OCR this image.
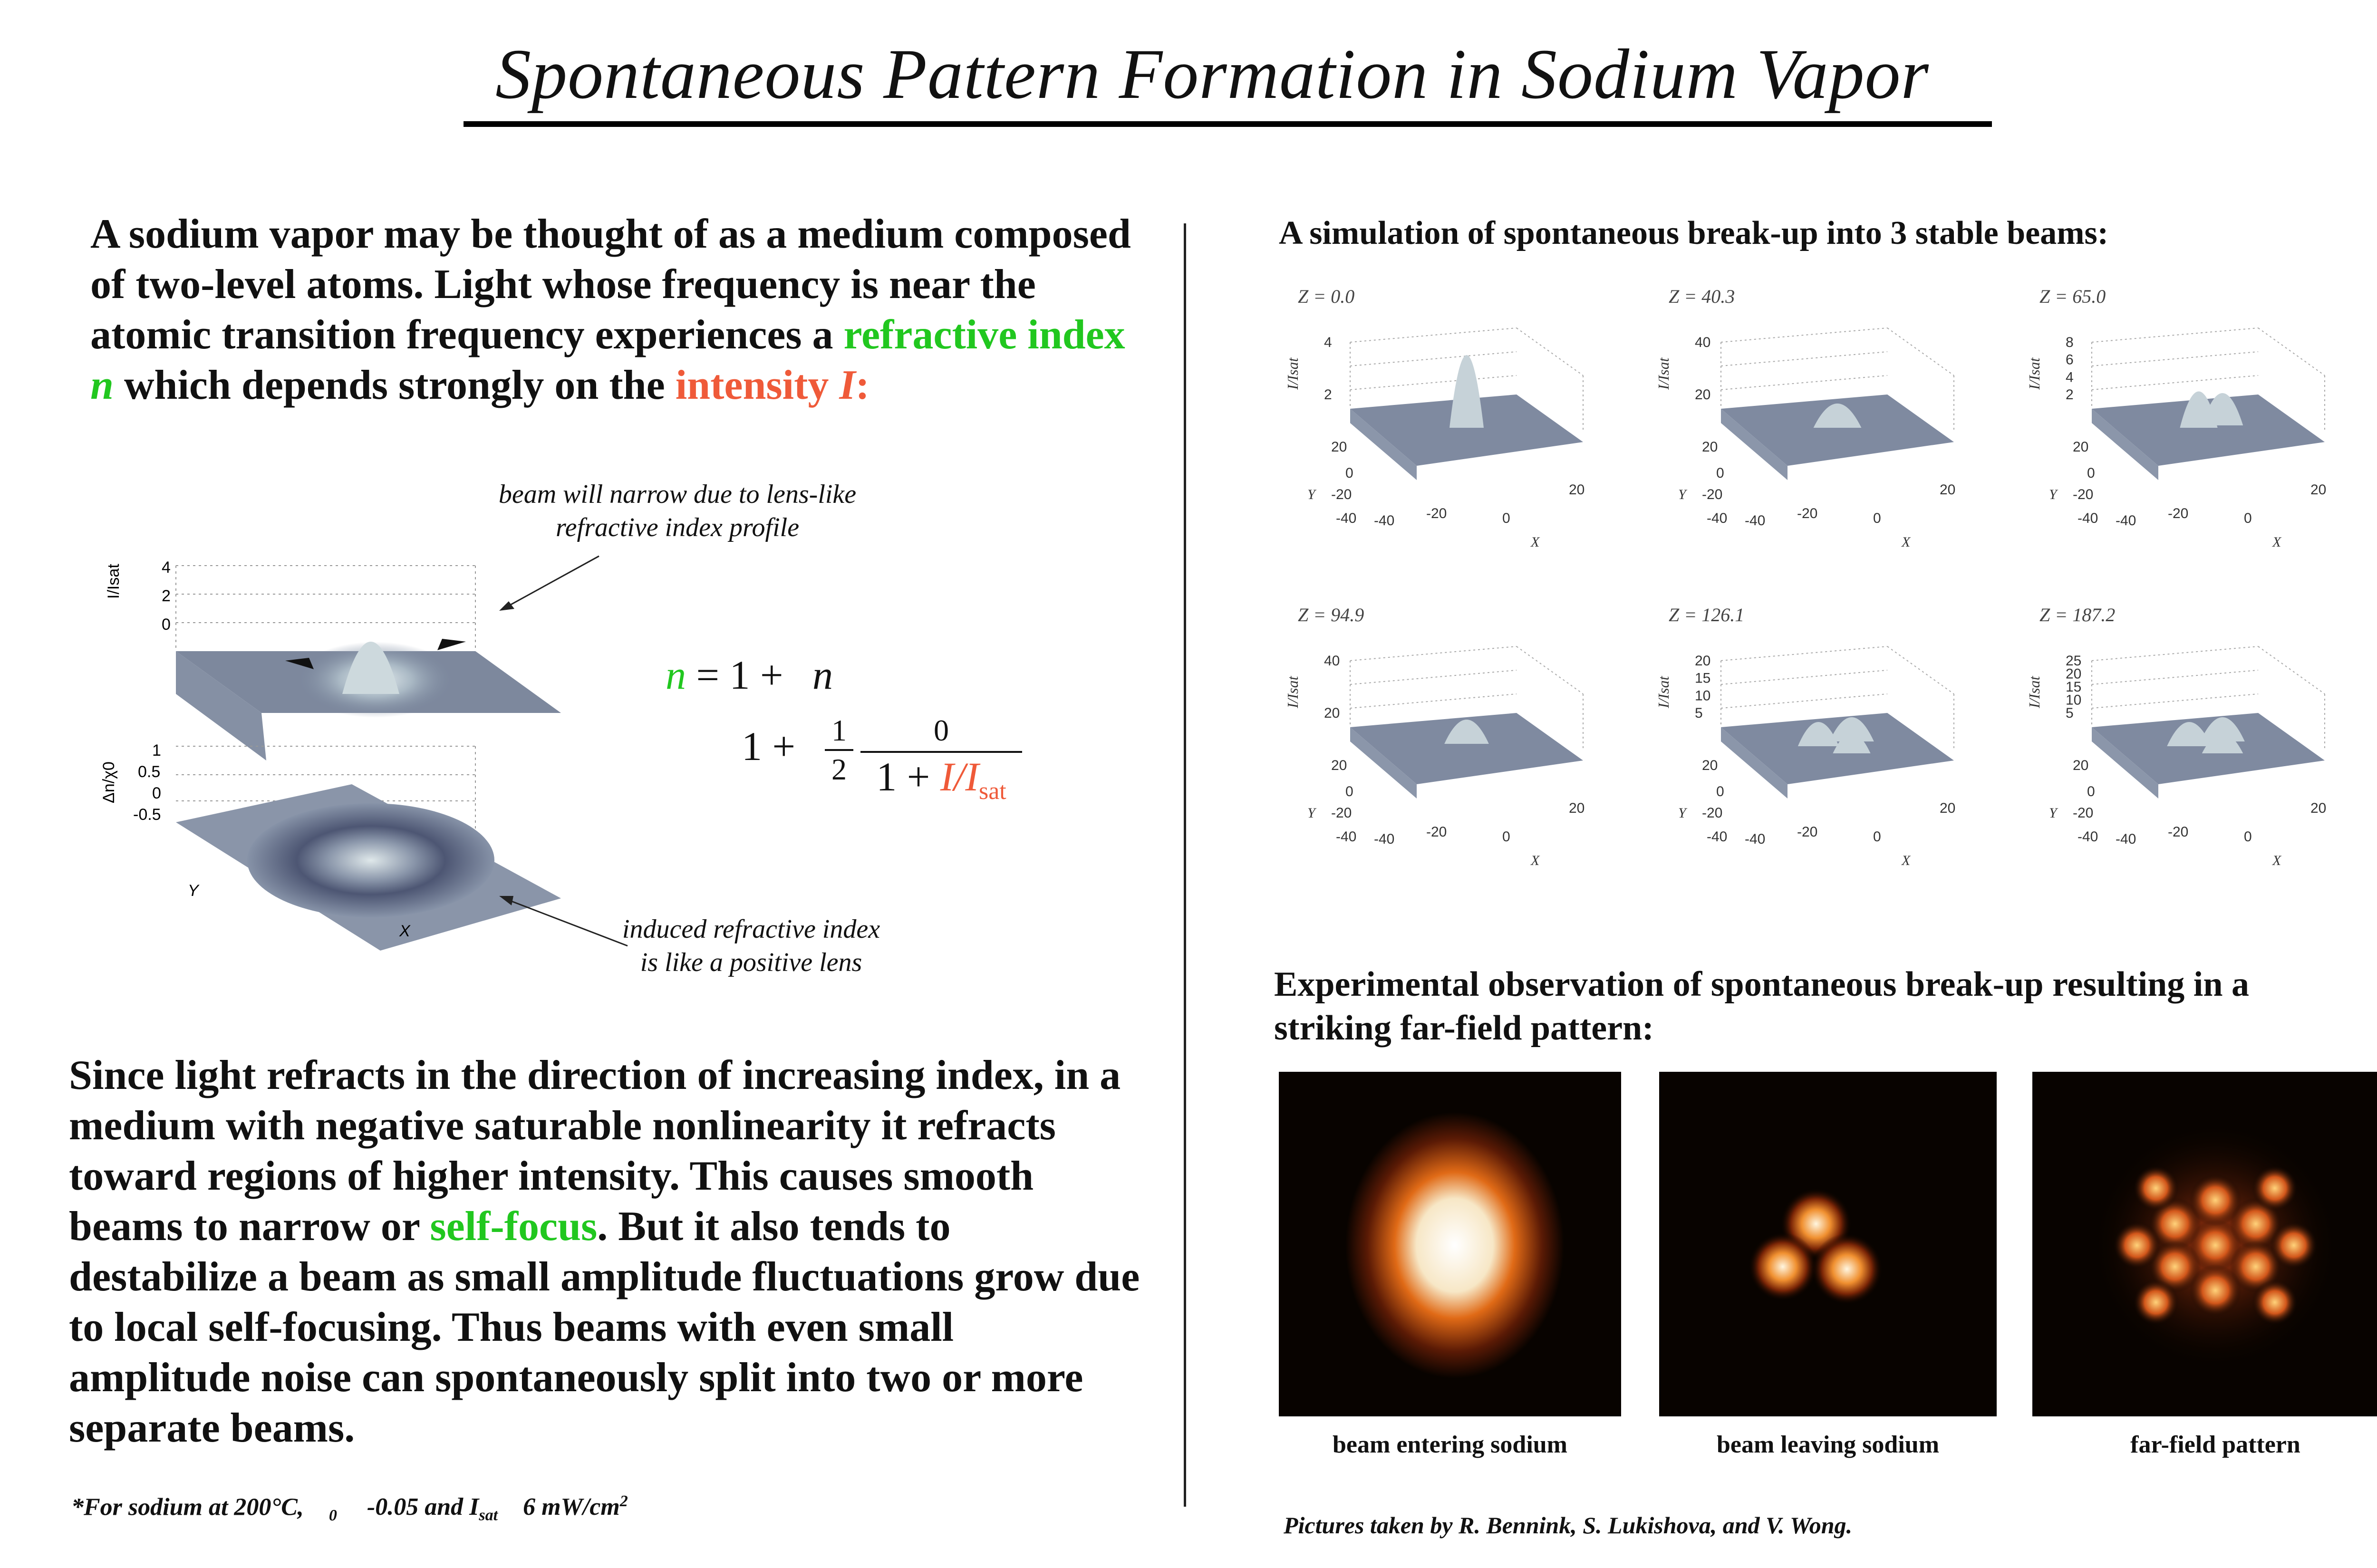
Spontaneous Pattern Formation in Sodium Vapor
A sodium vapor may be thought of as a medium composed of two-level atoms. Light whose frequency is near the atomic transition frequency experiences a refractive index n which depends strongly on the intensity I:
beam will narrow due to lens-like
refractive index profile
induced refractive index
is like a positive lens
4
2
0
I/Isat
1
0.5
0
-0.5
Δn/χ0
Y
X
n = 1 + n
1 + 1
2
0
$1 + I/I_{sat}$
Since light refracts in the direction of increasing index, in a medium with negative saturable nonlinearity it refracts toward regions of higher intensity. This causes smooth beams to narrow or self-focus. But it also tends to destabilize a beam as small amplitude fluctuations grow due to local self-focusing. Thus beams with even small amplitude noise can spontaneously split into two or more separate beams.
*For sodium at 200°C, $_0$ -0.05 and $I_{sat}$ 6 $mW/cm^2$
A simulation of spontaneous break-up into 3 stable beams:
Z = 0.0
I/Isat
4
2
20
0
-20
-40 -40 -20	0
20
Y
X
Z = 40.3
I/Isat
40
20
20
0
-20
-40 -40 -20	0
20
Y
X
Z = 65.0
I/Isat
8
6
4
2
20
0
-20
-40 -40 -20	0
20
Y
X
Z = 94.9
I/Isat
40
20
20
0
-20
-40 -40 -20	0
20
Y
X
Z = 126.1
I/Isat
20
15
10
5
20
0
-20
-40 -40 -20	0
20
Y
X
Z = 187.2
I/Isat
25
20
15
10
5
20
0
-20
-40 -40 -20	0
20
Y
X
Experimental observation of spontaneous break-up resulting in a
striking far-field pattern:
beam entering sodium	beam leaving sodium	far-field pattern
Pictures taken by R. Bennink, S. Lukishova, and V. Wong.
